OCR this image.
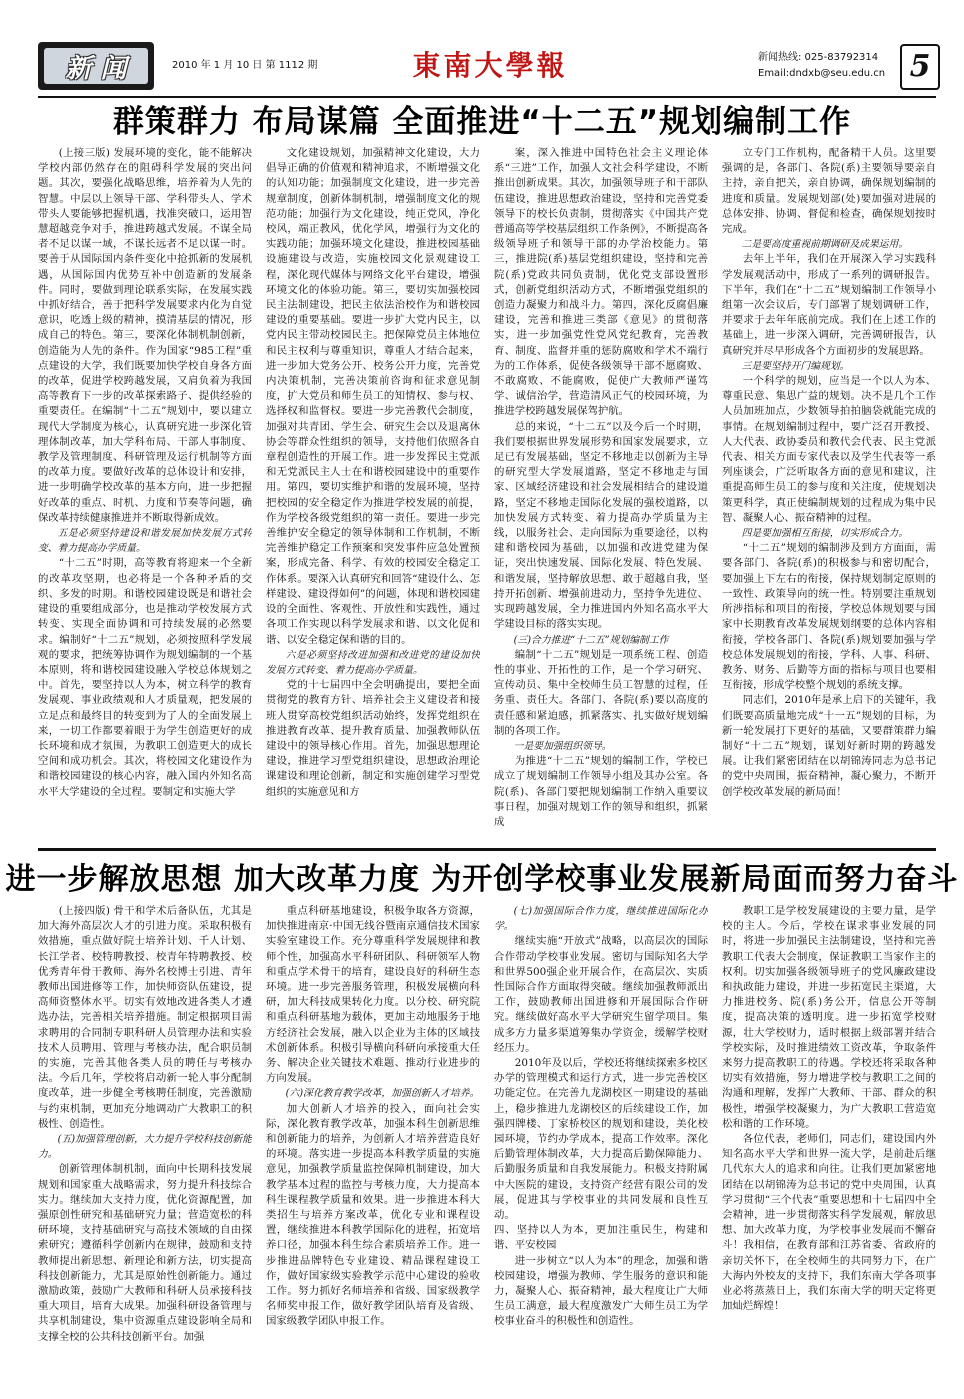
新 闻	2010 年 1 月 10 日 第 1112 期	東南大學報	新闻热线: 025-83792314
Email:dndxb@seu.edu.cn 5
群策群力 布局谋篇 全面推进“十二五”规划编制工作

(上接三版) 发展环境的变化，能不能解决学校内部仍然存在的阻碍科学发展的突出问题。其次，要强化战略思维，培养着为人先的智慧。中层以上领导干部、学科带头人、学术带头人要能够把握机遇，找准突破口，运用智慧超越竞争对手，推进跨越式发展。不谋全局者不足以谋一域，不谋长远者不足以谋一时。要善于从国际国内条件变化中抢抓新的发展机遇，从国际国内优势互补中创造新的发展条件。同时，要做到理论联系实际，在发展实践中抓好结合，善于把科学发展要求内化为自觉意识，吃透上级的精神，摸清基层的情况，形成自己的特色。第三，要深化体制机制创新，创造能为人先的条件。作为国家“985工程”重点建设的大学，我们既要加快学校自身各方面的改革，促进学校跨越发展，又肩负着为我国高等教育下一步的改革探索路子、提供经验的重要责任。在编制“十二五”规划中，要以建立现代大学制度为核心，认真研究进一步深化管理体制改革，加大学科布局、干部人事制度、教学及管理制度、科研管理及运行机制等方面的改革力度。要做好改革的总体设计和安排，进一步明确学校改革的基本方向，进一步把握好改革的重点、时机、力度和节奏等问题，确保改革持续健康推进并不断取得新成效。

五是必须坚持建设和谐发展加快发展方式转变、着力提高办学质量。

“十二五”时期，高等教育将迎来一个全新的改革攻坚期，也必将是一个各种矛盾的交织、多发的时期。和谐校园建设既是和谐社会建设的重要组成部分，也是推动学校发展方式转变、实现全面协调和可持续发展的必然要求。编制好“十二五”规划，必须按照科学发展观的要求，把统筹协调作为规划编制的一个基本原则，将和谐校园建设融入学校总体规划之中。首先，要坚持以人为本，树立科学的教育发展观、事业政绩观和人才质量观，把发展的立足点和最终目的转变到为了人的全面发展上来，一切工作都要着眼于为学生创造更好的成长环境和成才氛围，为教职工创造更大的成长空间和成功机会。其次，将校园文化建设作为和谐校园建设的核心内容，融入国内外知名高水平大学建设的全过程。要制定和实施大学

文化建设规划，加强精神文化建设，大力倡导正确的价值观和精神追求，不断增强文化的认知功能；加强制度文化建设，进一步完善规章制度，创新体制机制，增强制度文化的规范功能；加强行为文化建设，纯正党风，净化校风，端正教风，优化学风，增强行为文化的实践功能；加强环境文化建设，推进校园基础设施建设与改造，实施校园文化景观建设工程，深化现代媒体与网络文化平台建设，增强环境文化的体验功能。第三，要切实加强校园民主法制建设，把民主依法治校作为和谐校园建设的重要基础。要进一步扩大党内民主，以党内民主带动校园民主。把保障党员主体地位和民主权利与尊重知识，尊重人才结合起来，进一步加大党务公开、校务公开力度，完善党内决策机制，完善决策前咨询和征求意见制度，扩大党员和师生员工的知情权、参与权、选择权和监督权。要进一步完善教代会制度，加强对共青团、学生会、研究生会以及退离休协会等群众性组织的领导，支持他们依照各自章程创造性的开展工作。进一步发挥民主党派和无党派民主人士在和谐校园建设中的重要作用。第四，要切实维护和谐的发展环境，坚持把校园的安全稳定作为推进学校发展的前提，作为学校各级党组织的第一责任。要进一步完善维护安全稳定的领导体制和工作机制，不断完善维护稳定工作预案和突发事件应急处置预案，形成完备、科学、有效的校园安全稳定工作体系。要深入认真研究和回答“建设什么、怎样建设、建设得如何”的问题，体现和谐校园建设的全面性、客观性、开放性和实践性，通过各项工作实现以科学发展求和谐、以文化促和谐、以安全稳定保和谐的目的。

六是必须坚持改进加强和改进党的建设加快发展方式转变、着力提高办学质量。

党的十七届四中全会明确提出，要把全面贯彻党的教育方针、培养社会主义建设者和接班人贯穿高校党组织活动始终，发挥党组织在推进教育改革、提升教育质量、加强教师队伍建设中的领导核心作用。首先，加强思想理论建设，推进学习型党组织建设，思想政治理论课建设和理论创新，制定和实施创建学习型党组织的实施意见和方

案，深入推进中国特色社会主义理论体系“三进”工作，加强人文社会科学建设，不断推出创新成果。其次，加强领导班子和干部队伍建设，推进思想政治建设，坚持和完善党委领导下的校长负责制，贯彻落实《中国共产党普通高等学校基层组织工作条例》，不断提高各级领导班子和领导干部的办学治校能力。第三，推进院(系)基层党组织建设，坚持和完善院(系)党政共同负责制，优化党支部设置形式，创新党组织活动方式，不断增强党组织的创造力凝聚力和战斗力。第四，深化反腐倡廉建设，完善和推进三类部《意见》的贯彻落实，进一步加强党性党风党纪教育，完善教育、制度、监督并重的惩防腐败和学术不端行为的工作体系，促使各级领导干部不愿腐败、不敢腐败、不能腐败，促使广大教师严谨笃学、诚信治学，营造清风正气的校园环境，为推进学校跨越发展保驾护航。

总的来说，“十二五”以及今后一个时期，我们要根据世界发展形势和国家发展要求，立足已有发展基础，坚定不移地走以创新为主导的研究型大学发展道路，坚定不移地走与国家、区域经济建设和社会发展相结合的建设道路，坚定不移地走国际化发展的强校道路，以加快发展方式转变、着力提高办学质量为主线，以服务社会、走向国际为重要途径，以构建和谐校园为基础，以加强和改进党建为保证，突出快速发展、国际化发展、特色发展、和谐发展，坚持解放思想、敢于超越自我，坚持开拓创新、增强前进动力，坚持争先进位、实现跨越发展，全力推进国内外知名高水平大学建设目标的落实实现。

(三)合力推进“十二五”规划编制工作

编制“十二五”规划是一项系统工程、创造性的事业、开拓性的工作，是一个学习研究、宣传动员、集中全校师生员工智慧的过程，任务重、责任大。各部门、各院(系)要以高度的责任感和紧迫感，抓紧落实、扎实做好规划编制的各项工作。

一是要加强组织领导。

为推进“十二五”规划的编制工作，学校已成立了规划编制工作领导小组及其办公室。各院(系)、各部门要把规划编制工作纳入重要议事日程，加强对规划工作的领导和组织，抓紧成

立专门工作机构，配备精干人员。这里要强调的是，各部门、各院(系)主要领导要亲自主持，亲自把关，亲自协调，确保规划编制的进度和质量。发展规划部(处)要加强对进展的总体安排、协调、督促和检查，确保规划按时完成。

二是要高度重视前期调研及成果运用。

去年上半年，我们在开展深入学习实践科学发展观活动中，形成了一系列的调研报告。下半年，我们在“十二五”规划编制工作领导小组第一次会议后，专门部署了规划调研工作，并要求于去年年底前完成。我们在上述工作的基础上，进一步深入调研，完善调研报告，认真研究并尽早形成各个方面初步的发展思路。

三是要坚持开门编规划。

一个科学的规划，应当是一个以人为本、尊重民意、集思广益的规划。决不是几个工作人员加班加点，少数领导拍拍脑袋就能完成的事情。在规划编制过程中，要广泛召开教授、人大代表、政协委员和教代会代表、民主党派代表、相关方面专家代表以及学生代表等一系列座谈会，广泛听取各方面的意见和建议，注重提高师生员工的参与度和关注度，使规划决策更科学，真正使编制规划的过程成为集中民智、凝聚人心、振奋精神的过程。

四是要加强相互衔接，切实形成合力。

“十二五”规划的编制涉及到方方面面，需要各部门、各院(系)的积极参与和密切配合，要加强上下左右的衔接，保持规划制定原则的一致性、政策导向的统一性。特别要注重规划所涉指标和项目的衔接，学校总体规划要与国家中长期教育改革发展规划纲要的总体内容相衔接，学校各部门、各院(系)规划要加强与学校总体发展规划的衔接，学科、人事、科研、教务、财务、后勤等方面的指标与项目也要相互衔接，形成学校整个规划的系统支撑。

同志们，2010年是承上启下的关键年，我们既要高质量地完成“十一五”规划的目标，为新一轮发展打下更好的基础，又要群策群力编制好“十二五”规划，谋划好新时期的跨越发展。让我们紧密团结在以胡锦涛同志为总书记的党中央周围，振奋精神，凝心聚力，不断开创学校改革发展的新局面！

进一步解放思想 加大改革力度 为开创学校事业发展新局面而努力奋斗

(上接四版) 骨干和学术后备队伍，尤其是加大海外高层次人才的引进力度。采取积极有效措施，重点做好院士培养计划、千人计划、长江学者、校特聘教授、校青年特聘教授、校优秀青年骨干教师、海外名校博士引进、青年教师出国进修等工作，加快师资队伍建设，提高师资整体水平。切实有效地改进各类人才遴选办法，完善相关培养措施。制定根据项目需求聘用的合同制专职科研人员管理办法和实验技术人员聘用、管理与考核办法，配合职员制的实施，完善其他各类人员的聘任与考核办法。今后几年，学校将启动新一轮人事分配制度改革，进一步健全考核聘任制度，完善激励与约束机制，更加充分地调动广大教职工的积极性、创造性。

(五)加强管理创新，大力提升学校科技创新能力。

创新管理体制机制，面向中长期科技发展规划和国家重大战略需求，努力提升科技综合实力。继续加大支持力度，优化资源配置，加强原创性研究和基础研究力量；营造宽松的科研环境，支持基础研究与高技术领域的自由探索研究；遵循科学创新内在规律，鼓励和支持教师提出新思想、新理论和新方法，切实提高科技创新能力，尤其是原始性创新能力。通过激励政策，鼓励广大教师和科研人员承接科技重大项目，培育大成果。加强科研设备管理与共享机制建设，集中资源重点建设影响全局和支撑全校的公共科技创新平台。加强

重点科研基地建设，积极争取各方资源，加快推进南京·中国无线谷暨南京通信技术国家实验室建设工作。充分尊重科学发展规律和教师个性，加强高水平科研团队、科研领军人物和重点学术骨干的培育，建设良好的科研生态环境。进一步完善服务管理，积极发展横向科研，加大科技成果转化力度。以分校、研究院和重点科研基地为载体，更加主动地服务于地方经济社会发展，融入以企业为主体的区域技术创新体系。积极引导横向科研向承接重大任务、解决企业关键技术难题、推动行业进步的方向发展。

(六)深化教育教学改革，加强创新人才培养。

加大创新人才培养的投入，面向社会实际，深化教育教学改革，加强本科生创新思维和创新能力的培养，为创新人才培养营造良好的环境。落实进一步提高本科教学质量的实施意见，加强教学质量监控保障机制建设，加大教学基本过程的监控与考核力度，大力提高本科生课程教学质量和效果。进一步推进本科大类招生与培养方案改革，优化专业和课程设置，继续推进本科教学国际化的进程，拓宽培养口径，加强本科生综合素质培养工作。进一步推进品牌特色专业建设、精品课程建设工作，做好国家级实验教学示范中心建设的验收工作。努力抓好名师培养和省级、国家级教学名师奖申报工作，做好教学团队培育及省级、国家级教学团队申报工作。

(七)加强国际合作力度，继续推进国际化办学。

继续实施“开放式”战略，以高层次的国际合作带动学校事业发展。密切与国际知名大学和世界500强企业开展合作，在高层次、实质性国际合作方面取得突破。继续加强教师派出工作，鼓励教师出国进修和开展国际合作研究。继续做好高水平大学研究生留学项目。集成多方力量多渠道筹集办学资金，缓解学校财经压力。

2010年及以后，学校还将继续探索多校区办学的管理模式和运行方式，进一步完善校区功能定位。在完善九龙湖校区一期建设的基础上，稳步推进九龙湖校区的后续建设工作，加强四牌楼、丁家桥校区的规划和建设，美化校园环境，节约办学成本，提高工作效率。深化后勤管理体制改革，大力提高后勤保障能力、后勤服务质量和自我发展能力。积极支持附属中大医院的建设，支持资产经营有限公司的发展，促进其与学校事业的共同发展和良性互动。

四、坚持以人为本，更加注重民生，构建和谐、平安校园

进一步树立“以人为本”的理念，加强和谐校园建设，增强为教师、学生服务的意识和能力，凝聚人心、振奋精神，最大程度让广大师生员工满意，最大程度激发广大师生员工为学校事业奋斗的积极性和创造性。

教职工是学校发展建设的主要力量，是学校的主人。今后，学校在谋求事业发展的同时，将进一步加强民主法制建设，坚持和完善教职工代表大会制度，保证教职工当家作主的权利。切实加强各级领导班子的党风廉政建设和执政能力建设，并进一步拓宽民主渠道，大力推进校务、院(系)务公开，信息公开等制度，提高决策的透明度。进一步拓宽学校财源，壮大学校财力，适时根据上级部署并结合学校实际，及时推进绩效工资改革，争取条件来努力提高教职工的待遇。学校还将采取各种切实有效措施，努力增进学校与教职工之间的沟通和理解，发挥广大教师、干部、群众的积极性，增强学校凝聚力，为广大教职工营造宽松和谐的工作环境。

各位代表，老师们，同志们，建设国内外知名高水平大学和世界一流大学，是前赴后继几代东大人的追求和向往。让我们更加紧密地团结在以胡锦涛为总书记的党中央周围，认真学习贯彻“三个代表”重要思想和十七届四中全会精神，进一步贯彻落实科学发展观，解放思想、加大改革力度，为学校事业发展而不懈奋斗！我相信，在教育部和江苏省委、省政府的亲切关怀下，在全校师生的共同努力下，在广大海内外校友的支持下，我们东南大学各项事业必将蒸蒸日上，我们东南大学的明天定将更加灿烂辉煌！
